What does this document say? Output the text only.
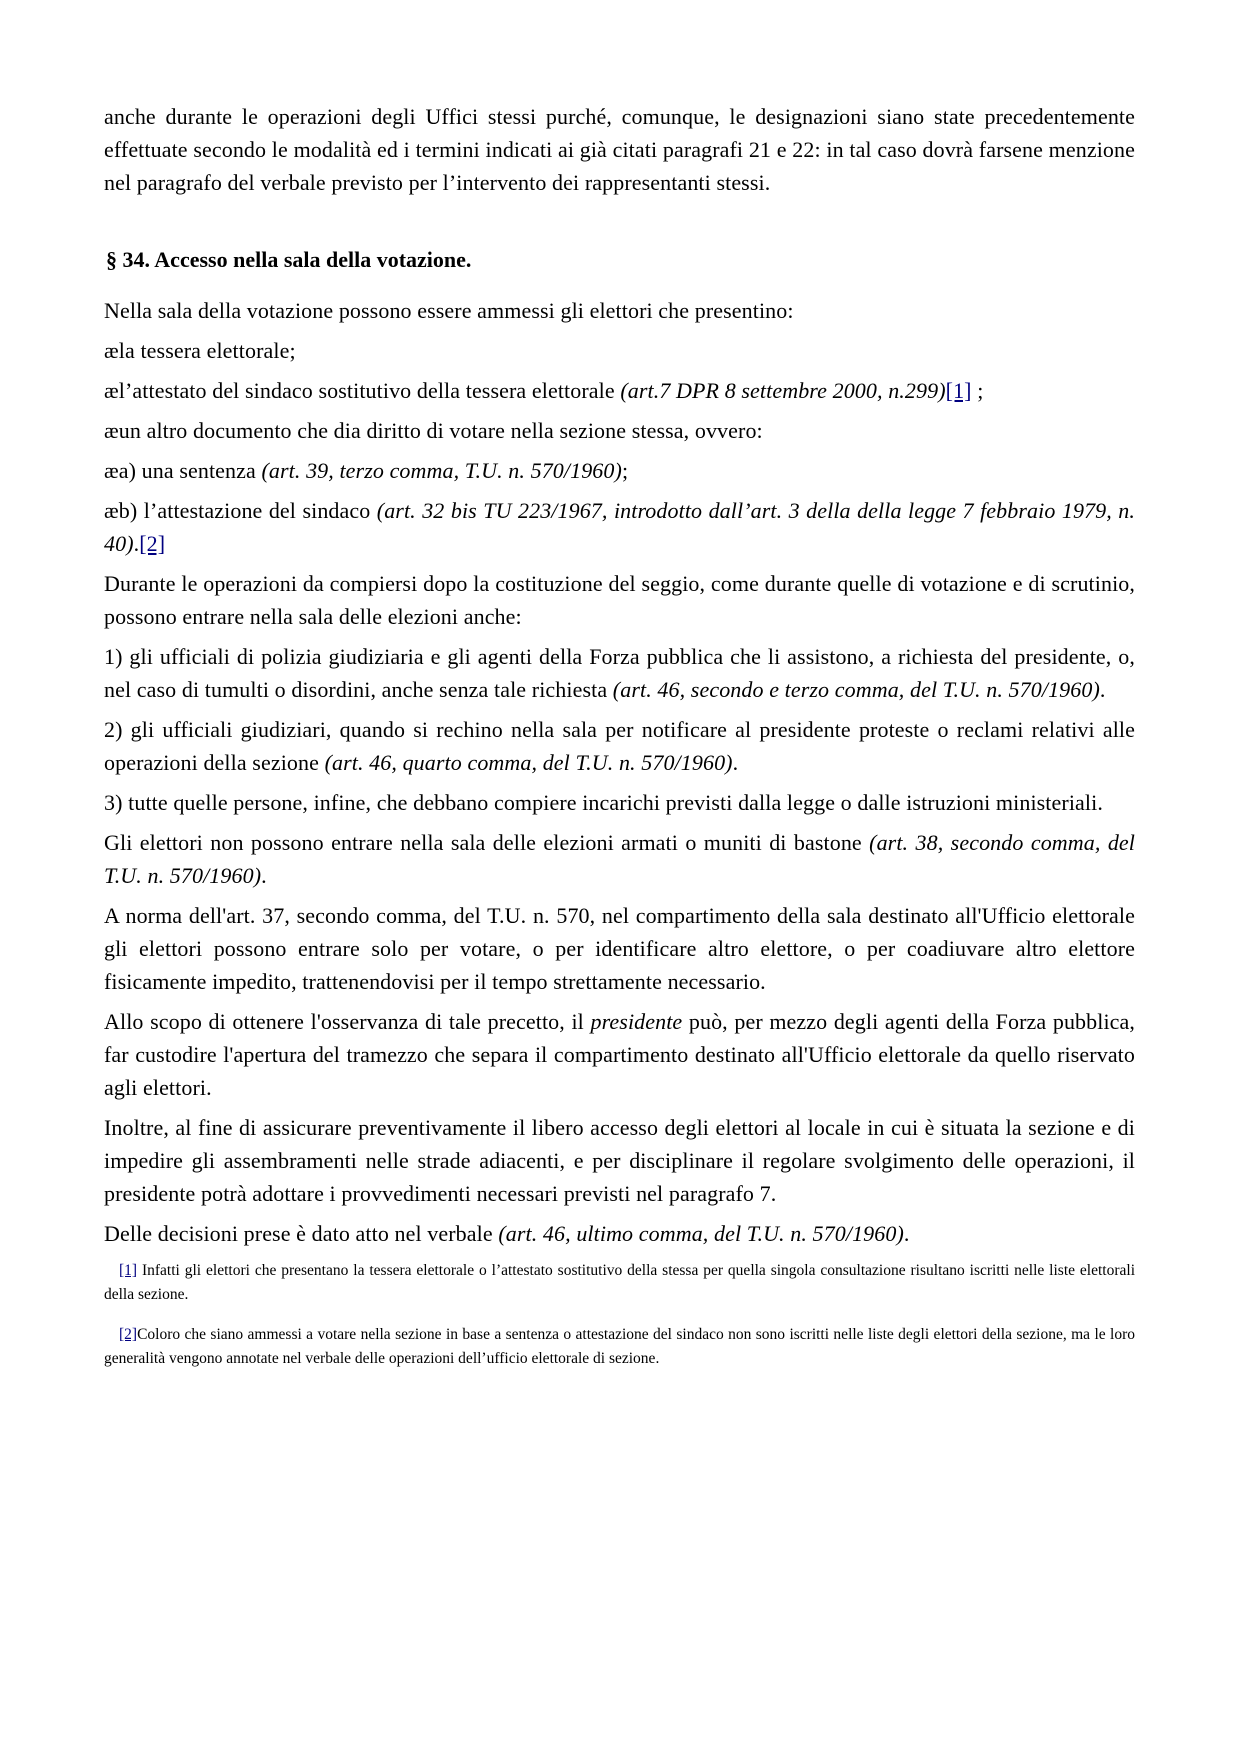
anche durante le operazioni degli Uffici stessi purché, comunque, le designazioni siano state precedentemente effettuate secondo le modalità ed i termini indicati ai già citati paragrafi 21 e 22: in tal caso dovrà farsene menzione nel paragrafo del verbale previsto per l’intervento dei rappresentanti stessi.

§ 34. Accesso nella sala della votazione.

Nella sala della votazione possono essere ammessi gli elettori che presentino:

æla tessera elettorale;

æl’attestato del sindaco sostitutivo della tessera elettorale (art.7 DPR 8 settembre 2000, n.299)[1] ;

æun altro documento che dia diritto di votare nella sezione stessa, ovvero:

æa) una sentenza (art. 39, terzo comma, T.U. n. 570/1960);

æb) l’attestazione del sindaco (art. 32 bis TU 223/1967, introdotto dall’art. 3 della della legge 7 febbraio 1979, n. 40).[2]

Durante le operazioni da compiersi dopo la costituzione del seggio, come durante quelle di votazione e di scrutinio, possono entrare nella sala delle elezioni anche:

1) gli ufficiali di polizia giudiziaria e gli agenti della Forza pubblica che li assistono, a richiesta del presidente, o, nel caso di tumulti o disordini, anche senza tale richiesta (art. 46, secondo e terzo comma, del T.U. n. 570/1960).

2) gli ufficiali giudiziari, quando si rechino nella sala per notificare al presidente proteste o reclami relativi alle operazioni della sezione (art. 46, quarto comma, del T.U. n. 570/1960).

3) tutte quelle persone, infine, che debbano compiere incarichi previsti dalla legge o dalle istruzioni ministeriali.

Gli elettori non possono entrare nella sala delle elezioni armati o muniti di bastone (art. 38, secondo comma, del T.U. n. 570/1960).

A norma dell'art. 37, secondo comma, del T.U. n. 570, nel compartimento della sala destinato all'Ufficio elettorale gli elettori possono entrare solo per votare, o per identificare altro elettore, o per coadiuvare altro elettore fisicamente impedito, trattenendovisi per il tempo strettamente necessario.

Allo scopo di ottenere l'osservanza di tale precetto, il presidente può, per mezzo degli agenti della Forza pubblica, far custodire l'apertura del tramezzo che separa il compartimento destinato all'Ufficio elettorale da quello riservato agli elettori.

Inoltre, al fine di assicurare preventivamente il libero accesso degli elettori al locale in cui è situata la sezione e di impedire gli assembramenti nelle strade adiacenti, e per disciplinare il regolare svolgimento delle operazioni, il presidente potrà adottare i provvedimenti necessari previsti nel paragrafo 7.

Delle decisioni prese è dato atto nel verbale (art. 46, ultimo comma, del T.U. n. 570/1960).

[1] Infatti gli elettori che presentano la tessera elettorale o l’attestato sostitutivo della stessa per quella singola consultazione risultano iscritti nelle liste elettorali della sezione.

[2]Coloro che siano ammessi a votare nella sezione in base a sentenza o attestazione del sindaco non sono iscritti nelle liste degli elettori della sezione, ma le loro generalità vengono annotate nel verbale delle operazioni dell’ufficio elettorale di sezione.
